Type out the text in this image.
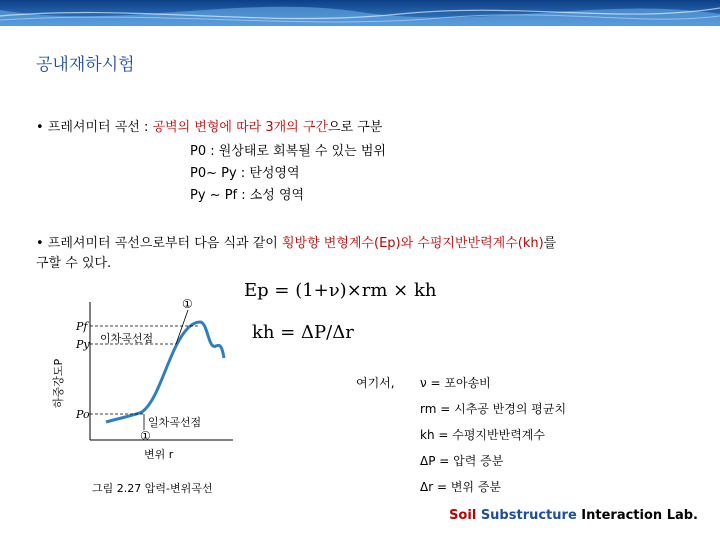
공내재하시험
• 프레셔미터 곡선 : 공벽의 변형에 따라 3개의 구간으로 구분
P0 : 원상태로 회복될 수 있는 범위
P0~ Py : 탄성영역
Py ~ Pf : 소성 영역
• 프레셔미터 곡선으로부터 다음 식과 같이 횡방향 변형계수(Ep)와 수평지반반력계수(kh)를
구할 수 있다.
Ep = (1+ν)×rm × kh
kh = ΔP/Δr
Pf
Py
Po
이차곡선점
일차곡선점
①
①
변위 r
하중강도P
그림 2.27 압력-변위곡선
여기서, ν = 포아송비
rm = 시추공 반경의 평균치
kh = 수평지반반력계수
ΔP = 압력 증분
Δr = 변위 증분
Soil Substructure Interaction Lab.
